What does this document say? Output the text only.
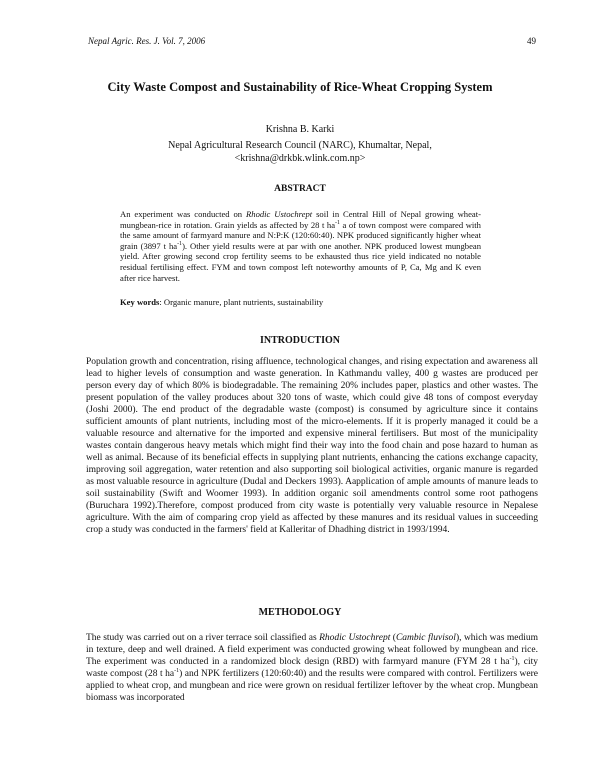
Nepal Agric. Res. J. Vol. 7, 2006	49
City Waste Compost and Sustainability of Rice-Wheat Cropping System
Krishna B. Karki
Nepal Agricultural Research Council (NARC), Khumaltar, Nepal,
<krishna@drkbk.wlink.com.np>
ABSTRACT

An experiment was conducted on Rhodic Ustochrept soil in Central Hill of Nepal growing wheat-mungbean-rice in rotation. Grain yields as affected by 28 t $ha^{-1}$ a of town compost were compared with the same amount of farmyard manure and N:P:K (120:60:40). NPK produced significantly higher wheat grain (3897 t $ha^{-1}$). Other yield results were at par with one another. NPK produced lowest mungbean yield. After growing second crop fertility seems to be exhausted thus rice yield indicated no notable residual fertilising effect. FYM and town compost left noteworthy amounts of P, Ca, Mg and K even after rice harvest.

Key words: Organic manure, plant nutrients, sustainability

INTRODUCTION

Population growth and concentration, rising affluence, technological changes, and rising expectation and awareness all lead to higher levels of consumption and waste generation. In Kathmandu valley, 400 g wastes are produced per person every day of which 80% is biodegradable. The remaining 20% includes paper, plastics and other wastes. The present population of the valley produces about 320 tons of waste, which could give 48 tons of compost everyday (Joshi 2000). The end product of the degradable waste (compost) is consumed by agriculture since it contains sufficient amounts of plant nutrients, including most of the micro-elements. If it is properly managed it could be a valuable resource and alternative for the imported and expensive mineral fertilisers. But most of the municipality wastes contain dangerous heavy metals which might find their way into the food chain and pose hazard to human as well as animal. Because of its beneficial effects in supplying plant nutrients, enhancing the cations exchange capacity, improving soil aggregation, water retention and also supporting soil biological activities, organic manure is regarded as most valuable resource in agriculture (Dudal and Deckers 1993). Aapplication of ample amounts of manure leads to soil sustainability (Swift and Woomer 1993). In addition organic soil amendments control some root pathogens (Buruchara 1992).Therefore, compost produced from city waste is potentially very valuable resource in Nepalese agriculture. With the aim of comparing crop yield as affected by these manures and its residual values in succeeding crop a study was conducted in the farmers' field at Kalleritar of Dhadhing district in 1993/1994.

METHODOLOGY

The study was carried out on a river terrace soil classified as Rhodic Ustochrept (Cambic fluvisol), which was medium in texture, deep and well drained. A field experiment was conducted growing wheat followed by mungbean and rice. The experiment was conducted in a randomized block design (RBD) with farmyard manure (FYM 28 t $ha^{-1}$), city waste compost (28 t $ha^{-1}$) and NPK fertilizers (120:60:40) and the results were compared with control. Fertilizers were applied to wheat crop, and mungbean and rice were grown on residual fertilizer leftover by the wheat crop. Mungbean biomass was incorporated
